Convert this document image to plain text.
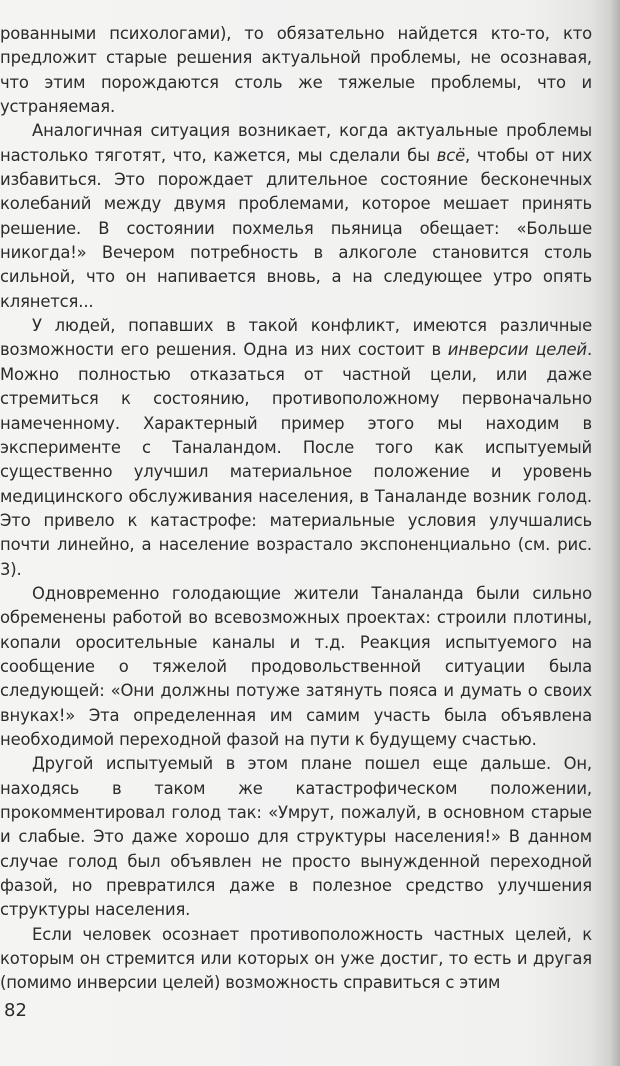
рованными психологами), то обязательно найдется кто-то, кто предложит старые решения актуальной проблемы, не осознавая, что этим порождаются столь же тяжелые проблемы, что и устраняемая.

Аналогичная ситуация возникает, когда актуальные проблемы настолько тяготят, что, кажется, мы сделали бы всё, чтобы от них избавиться. Это порождает длительное состояние бесконечных колебаний между двумя проблемами, которое мешает принять решение. В состоянии похмелья пьяница обещает: «Больше никогда!» Вечером потребность в алкоголе становится столь сильной, что он напивается вновь, а на следующее утро опять клянется...

У людей, попавших в такой конфликт, имеются различные возможности его решения. Одна из них состоит в инверсии целей. Можно полностью отказаться от частной цели, или даже стремиться к состоянию, противоположному первоначально намеченному. Характерный пример этого мы находим в эксперименте с Таналандом. После того как испытуемый существенно улучшил материальное положение и уровень медицинского обслуживания населения, в Таналанде возник голод. Это привело к катастрофе: материальные условия улучшались почти линейно, а население возрастало экспоненциально (см. рис. 3).

Одновременно голодающие жители Таналанда были сильно обременены работой во всевозможных проектах: строили плотины, копали оросительные каналы и т.д. Реакция испытуемого на сообщение о тяжелой продовольственной ситуации была следующей: «Они должны потуже затянуть пояса и думать о своих внуках!» Эта определенная им самим участь была объявлена необходимой переходной фазой на пути к будущему счастью.

Другой испытуемый в этом плане пошел еще дальше. Он, находясь в таком же катастрофическом положении, прокомментировал голод так: «Умрут, пожалуй, в основном старые и слабые. Это даже хорошо для структуры населения!» В данном случае голод был объявлен не просто вынужденной переходной фазой, но превратился даже в полезное средство улучшения структуры населения.

Если человек осознает противоположность частных целей, к которым он стремится или которых он уже достиг, то есть и другая (помимо инверсии целей) возможность справиться с этим

82
